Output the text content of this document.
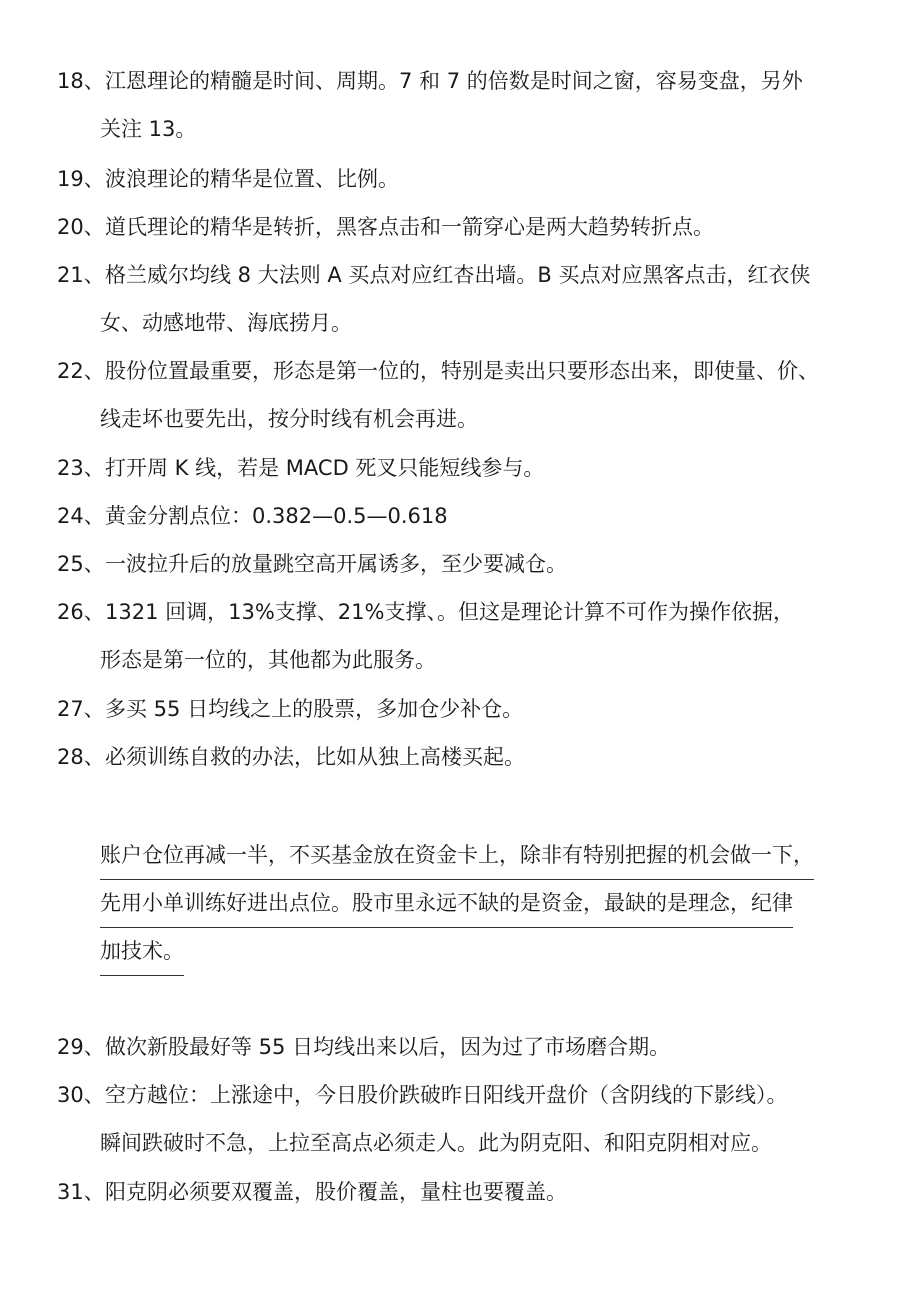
18、江恩理论的精髓是时间、周期。7 和 7 的倍数是时间之窗，容易变盘，另外
关注 13。
19、波浪理论的精华是位置、比例。
20、道氏理论的精华是转折，黑客点击和一箭穿心是两大趋势转折点。
21、格兰威尔均线 8 大法则 A 买点对应红杏出墙。B 买点对应黑客点击，红衣侠
女、动感地带、海底捞月。
22、股份位置最重要，形态是第一位的，特别是卖出只要形态出来，即使量、价、
线走坏也要先出，按分时线有机会再进。
23、打开周 K 线，若是 MACD 死叉只能短线参与。
24、黄金分割点位：0.382—0.5—0.618
25、一波拉升后的放量跳空高开属诱多，至少要减仓。
26、1321 回调，13%支撑、21%支撑、。但这是理论计算不可作为操作依据，
形态是第一位的，其他都为此服务。
27、多买 55 日均线之上的股票，多加仓少补仓。
28、必须训练自救的办法，比如从独上高楼买起。
账户仓位再减一半，不买基金放在资金卡上，除非有特别把握的机会做一下，
先用小单训练好进出点位。股市里永远不缺的是资金，最缺的是理念，纪律
加技术。
29、做次新股最好等 55 日均线出来以后，因为过了市场磨合期。
30、空方越位：上涨途中，今日股价跌破昨日阳线开盘价（含阴线的下影线）。
瞬间跌破时不急，上拉至高点必须走人。此为阴克阳、和阳克阴相对应。
31、阳克阴必须要双覆盖，股价覆盖，量柱也要覆盖。
